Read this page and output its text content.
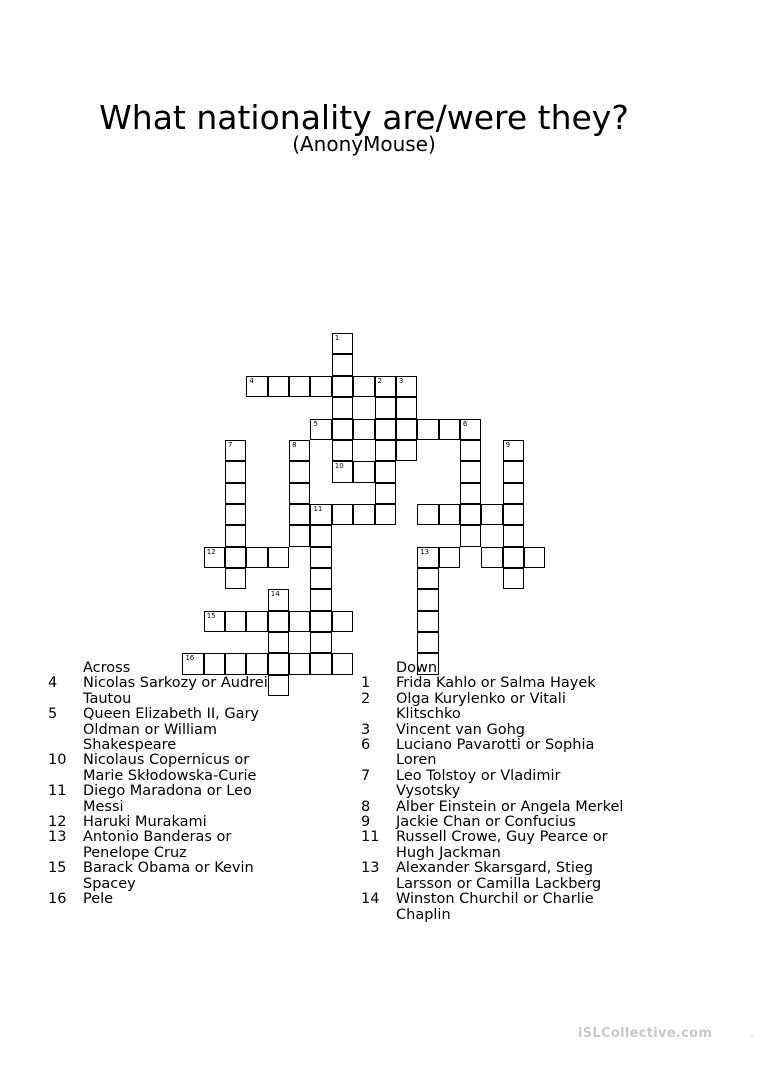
What nationality are/were they?
(AnonyMouse)
1
4
5
2 3
6
7	8	9
10
11
12	13
14
15
16
Across
4	Nicolas Sarkozy or Audrei Tautou
5	Queen Elizabeth II, Gary Oldman or William Shakespeare
10	Nicolaus Copernicus or Marie Skłodowska-Curie
11	Diego Maradona or Leo Messi
12	Haruki Murakami
13	Antonio Banderas or Penelope Cruz
15	Barack Obama or Kevin Spacey
16	Pele
Down
1	Frida Kahlo or Salma Hayek
2	Olga Kurylenko or Vitali Klitschko
3	Vincent van Gohg
6	Luciano Pavarotti or Sophia Loren
7	Leo Tolstoy or Vladimir Vysotsky
8	Alber Einstein or Angela Merkel
9	Jackie Chan or Confucius
11	Russell Crowe, Guy Pearce or Hugh Jackman
13	Alexander Skarsgard, Stieg Larsson or Camilla Lackberg
14	Winston Churchil or Charlie Chaplin
iSLCollective.com	.
